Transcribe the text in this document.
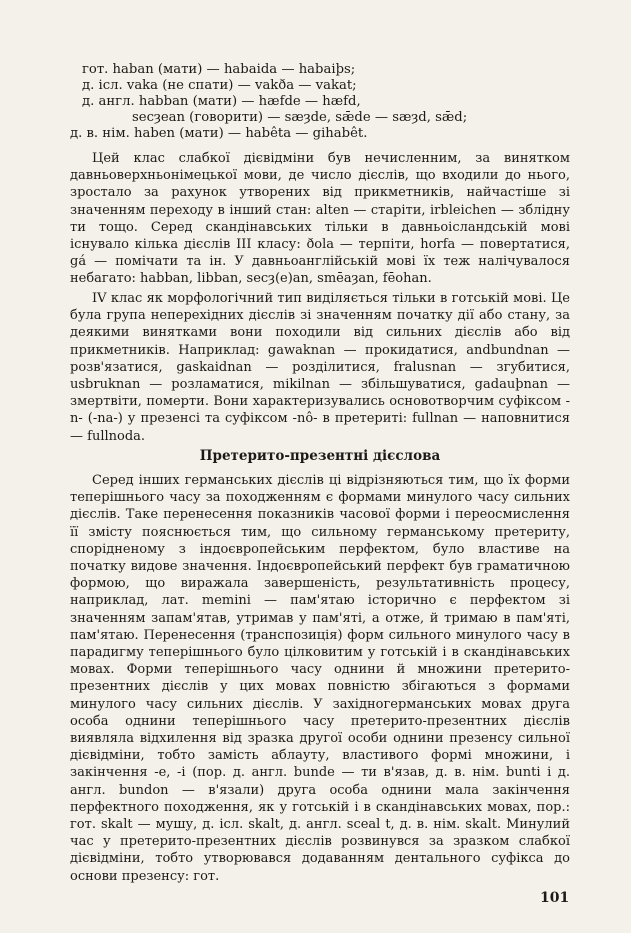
гот. haban (мати) — habaida — habaiþs;
д. ісл. vaka (не спати) — vakða — vakat;
д. англ. habban (мати) — hæfde — hæfd,
secȝean (говорити) — sæȝde, sǣde — sæȝd, sǣd;
д. в. нім. haben (мати) — habêta — gihabêt.

Цей клас слабкої дієвідміни був нечисленним, за винятком давньоверхньонімецької мови, де число дієслів, що входили до нього, зростало за рахунок утворених від прикметників, найчастіше зі значенням переходу в інший стан: alten — старіти, irbleichen — зблідну ти тощо. Серед скандінавських тільки в давньоісландській мові існувало кілька дієслів III класу: ðola — терпіти, horfa — повертатися, gá — помічати та ін. У давньоанглійській мові їх теж налічувалося небагато: habban, libban, secȝ(e)an, smēaȝan, fēohan.

IV клас як морфологічний тип виділяється тільки в готській мові. Це була група неперехідних дієслів зі значенням початку дії або стану, за деякими винятками вони походили від сильних дієслів або від прикметників. Наприклад: gawaknan — прокидатися, andbundnan — розв'язатися, gaskaidnan — розділитися, fralusnan — згубитися, usbruknan — розламатися, mikilnan — збільшуватися, gadauþnan — змертвіти, померти. Вони характеризувались основотворчим суфіксом -n- (-na-) у презенсі та суфіксом -nô- в претериті: fullnan — наповнитися — fullnoda.

Претерито-презентні дієслова

Серед інших германських дієслів ці відрізняються тим, що їх форми теперішнього часу за походженням є формами минулого часу сильних дієслів. Таке перенесення показників часової форми і переосмислення її змісту пояснюється тим, що сильному германському претериту, спорідненому з індоєвропейським перфектом, було властиве на початку видове значення. Індоєвропейський перфект був граматичною формою, що виражала завершеність, результативність процесу, наприклад, лат. memini — пам'ятаю історично є перфектом зі значенням запам'ятав, утримав у пам'яті, а отже, й тримаю в пам'яті, пам'ятаю. Перенесення (транспозиція) форм сильного минулого часу в парадигму теперішнього було цілковитим у готській і в скандінавських мовах. Форми теперішнього часу однини й множини претерито-презентних дієслів у цих мовах повністю збігаються з формами минулого часу сильних дієслів. У західногерманських мовах друга особа однини теперішнього часу претерито-презентних дієслів виявляла відхилення від зразка другої особи однини презенсу сильної дієвідміни, тобто замість аблауту, властивого формі множини, і закінчення -е, -і (пор. д. англ. bunde — ти в'язав, д. в. нім. bunti і д. англ. bundon — в'язали) друга особа однини мала закінчення перфектного походження, як у готській і в скандінавських мовах, пор.: гот. skalt — мушу, д. ісл. skalt, д. англ. sceal t, д. в. нім. skalt. Минулий час у претерито-презентних дієслів розвинувся за зразком слабкої дієвідміни, тобто утворювався додаванням дентального суфікса до основи презенсу: гот.

101
